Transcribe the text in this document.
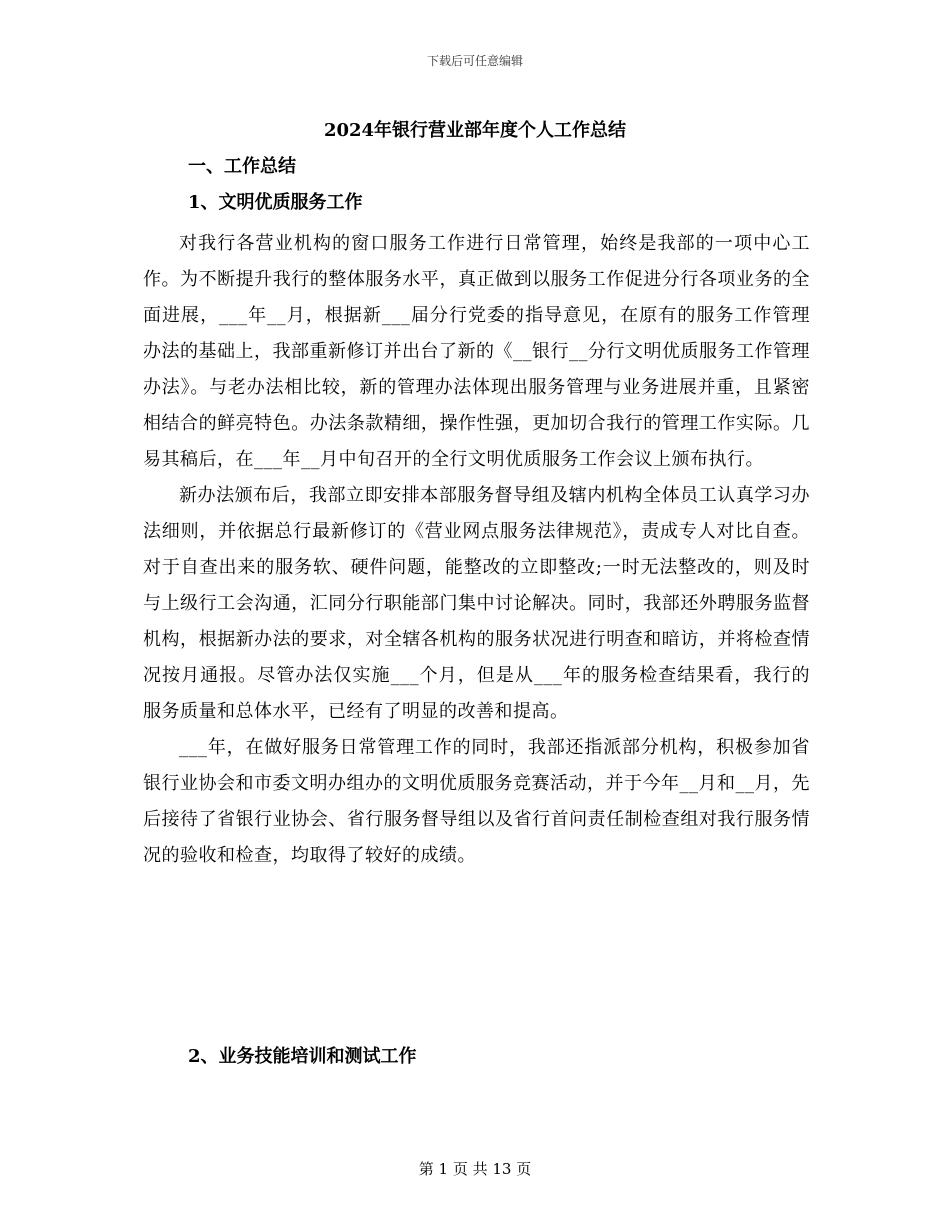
下载后可任意编辑
2024年银行营业部年度个人工作总结
一、工作总结
1、文明优质服务工作

对我行各营业机构的窗口服务工作进行日常管理，始终是我部的一项中心工作。为不断提升我行的整体服务水平，真正做到以服务工作促进分行各项业务的全面进展，___年__月，根据新___届分行党委的指导意见，在原有的服务工作管理办法的基础上，我部重新修订并出台了新的《__银行__分行文明优质服务工作管理办法》。与老办法相比较，新的管理办法体现出服务管理与业务进展并重，且紧密相结合的鲜亮特色。办法条款精细，操作性强，更加切合我行的管理工作实际。几易其稿后，在___年__月中旬召开的全行文明优质服务工作会议上颁布执行。

新办法颁布后，我部立即安排本部服务督导组及辖内机构全体员工认真学习办法细则，并依据总行最新修订的《营业网点服务法律规范》，责成专人对比自查。对于自查出来的服务软、硬件问题，能整改的立即整改;一时无法整改的，则及时与上级行工会沟通，汇同分行职能部门集中讨论解决。同时，我部还外聘服务监督机构，根据新办法的要求，对全辖各机构的服务状况进行明查和暗访，并将检查情况按月通报。尽管办法仅实施___个月，但是从___年的服务检查结果看，我行的服务质量和总体水平，已经有了明显的改善和提高。

___年，在做好服务日常管理工作的同时，我部还指派部分机构，积极参加省银行业协会和市委文明办组办的文明优质服务竞赛活动，并于今年__月和__月，先后接待了省银行业协会、省行服务督导组以及省行首问责任制检查组对我行服务情况的验收和检查，均取得了较好的成绩。

2、业务技能培训和测试工作
第 1 页 共 13 页
